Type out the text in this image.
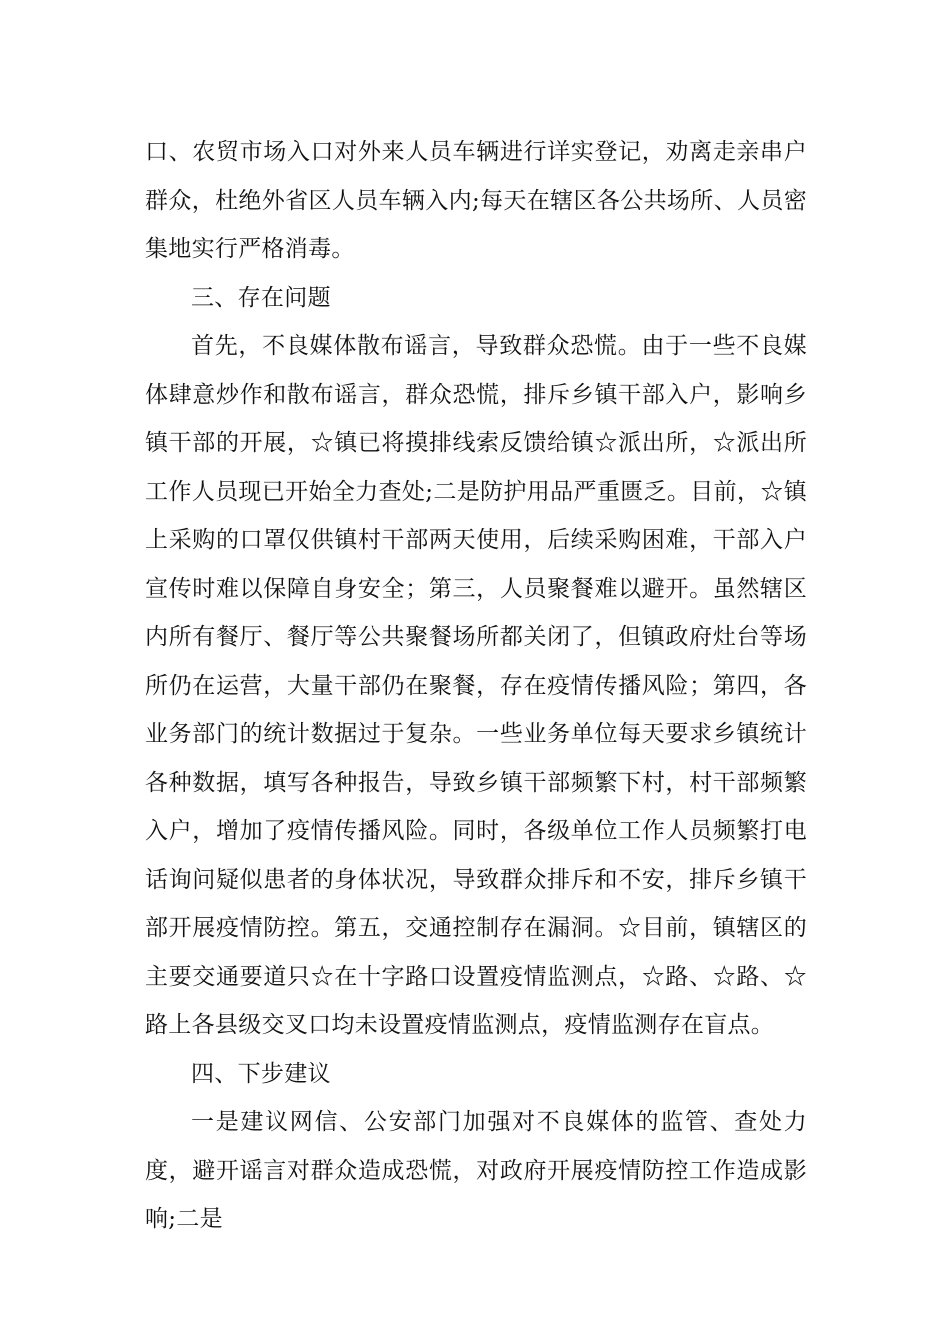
口、农贸市场入口对外来人员车辆进行详实登记，劝离走亲串户群众，杜绝外省区人员车辆入内;每天在辖区各公共场所、人员密集地实行严格消毒。

三、存在问题

首先，不良媒体散布谣言，导致群众恐慌。由于一些不良媒体肆意炒作和散布谣言，群众恐慌，排斥乡镇干部入户，影响乡镇干部的开展，☆镇已将摸排线索反馈给镇☆派出所，☆派出所工作人员现已开始全力查处;二是防护用品严重匮乏。目前，☆镇上采购的口罩仅供镇村干部两天使用，后续采购困难，干部入户宣传时难以保障自身安全；第三，人员聚餐难以避开。虽然辖区内所有餐厅、餐厅等公共聚餐场所都关闭了，但镇政府灶台等场所仍在运营，大量干部仍在聚餐，存在疫情传播风险；第四，各业务部门的统计数据过于复杂。一些业务单位每天要求乡镇统计各种数据，填写各种报告，导致乡镇干部频繁下村，村干部频繁入户，增加了疫情传播风险。同时，各级单位工作人员频繁打电话询问疑似患者的身体状况，导致群众排斥和不安，排斥乡镇干部开展疫情防控。第五，交通控制存在漏洞。☆目前，镇辖区的主要交通要道只☆在十字路口设置疫情监测点，☆路、☆路、☆路上各县级交叉口均未设置疫情监测点，疫情监测存在盲点。

四、下步建议

一是建议网信、公安部门加强对不良媒体的监管、查处力度，避开谣言对群众造成恐慌，对政府开展疫情防控工作造成影响;二是
